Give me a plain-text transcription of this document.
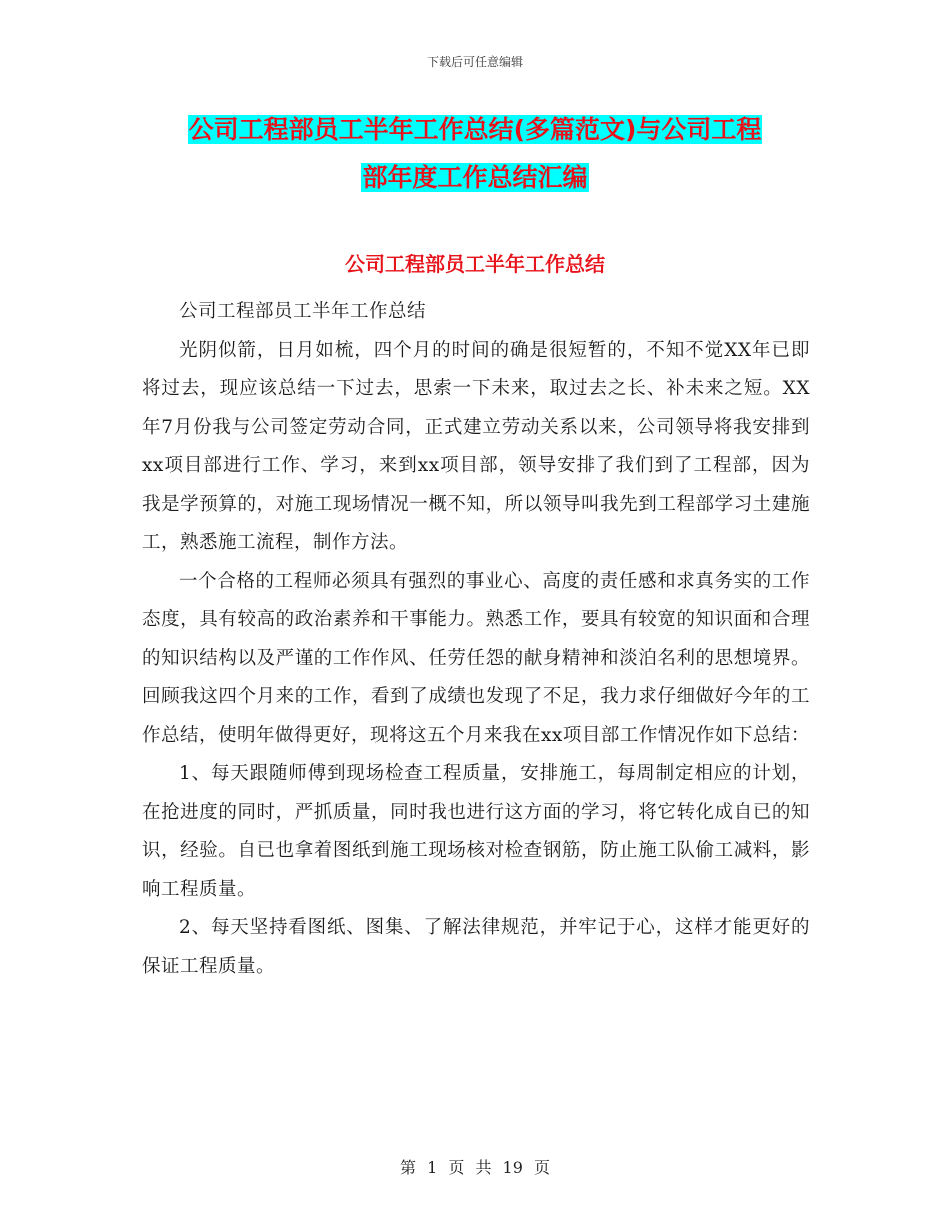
下载后可任意编辑
公司工程部员工半年工作总结(多篇范文)与公司工程
部年度工作总结汇编
公司工程部员工半年工作总结

公司工程部员工半年工作总结

光阴似箭，日月如梳，四个月的时间的确是很短暂的，不知不觉XX年已即将过去，现应该总结一下过去，思索一下未来，取过去之长、补未来之短。XX年7月份我与公司签定劳动合同，正式建立劳动关系以来，公司领导将我安排到xx项目部进行工作、学习，来到xx项目部，领导安排了我们到了工程部，因为我是学预算的，对施工现场情况一概不知，所以领导叫我先到工程部学习土建施工，熟悉施工流程，制作方法。

一个合格的工程师必须具有强烈的事业心、高度的责任感和求真务实的工作态度，具有较高的政治素养和干事能力。熟悉工作，要具有较宽的知识面和合理的知识结构以及严谨的工作作风、任劳任怨的献身精神和淡泊名利的思想境界。回顾我这四个月来的工作，看到了成绩也发现了不足，我力求仔细做好今年的工作总结，使明年做得更好，现将这五个月来我在xx项目部工作情况作如下总结：

1、每天跟随师傅到现场检查工程质量，安排施工，每周制定相应的计划，在抢进度的同时，严抓质量，同时我也进行这方面的学习，将它转化成自已的知识，经验。自已也拿着图纸到施工现场核对检查钢筋，防止施工队偷工减料，影响工程质量。

2、每天坚持看图纸、图集、了解法律规范，并牢记于心，这样才能更好的保证工程质量。

第 1 页 共 19 页
